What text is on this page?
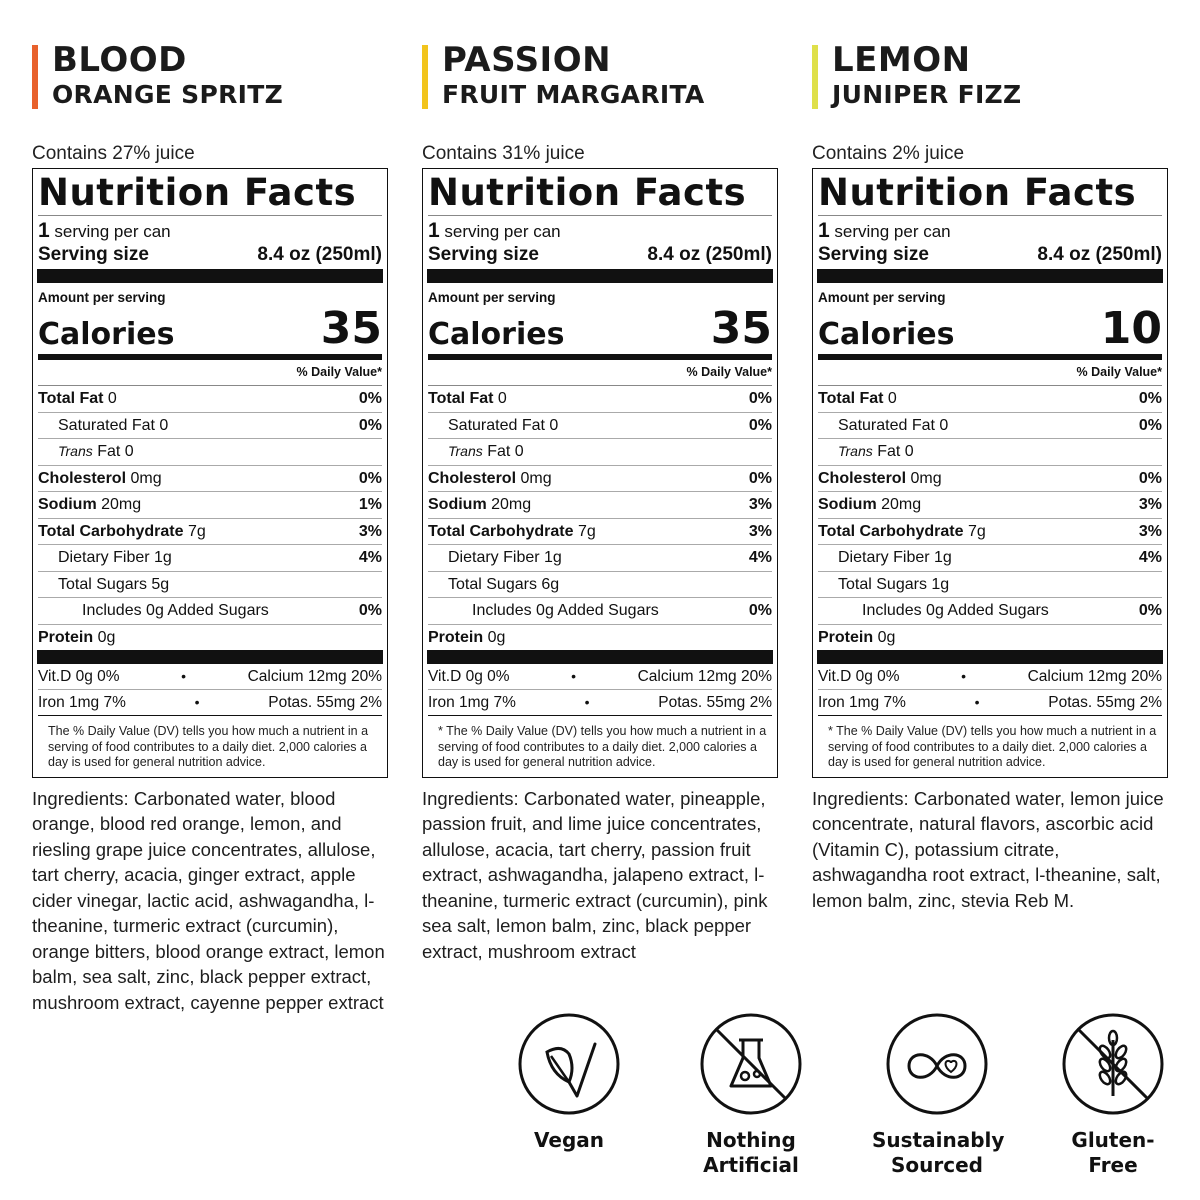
BLOOD
ORANGE SPRITZ
Contains 27% juice
Nutrition Facts
1 serving per can
Serving size	8.4 oz (250ml)
Amount per serving
Calories	35
% Daily Value*
Total Fat 0	0%
Saturated Fat 0	0%
Trans Fat 0
Cholesterol 0mg	0%
Sodium 20mg	1%
Total Carbohydrate 7g	3%
Dietary Fiber 1g	4%
Total Sugars 5g
Includes 0g Added Sugars	0%
Protein 0g
Vit.D 0g 0%	•	Calcium 12mg 20%
Iron 1mg 7%	•	Potas. 55mg 2%
The % Daily Value (DV) tells you how much a nutrient in a serving of food contributes to a daily diet. 2,000 calories a day is used for general nutrition advice.
Ingredients: Carbonated water, blood orange, blood red orange, lemon, and riesling grape juice concentrates, allulose, tart cherry, acacia, ginger extract, apple cider vinegar, lactic acid, ashwagandha, l-theanine, turmeric extract (curcumin), orange bitters, blood orange extract, lemon balm, sea salt, zinc, black pepper extract, mushroom extract, cayenne pepper extract
PASSION
FRUIT MARGARITA
Contains 31% juice
Nutrition Facts
1 serving per can
Serving size	8.4 oz (250ml)
Amount per serving
Calories	35
% Daily Value*
Total Fat 0	0%
Saturated Fat 0	0%
Trans Fat 0
Cholesterol 0mg	0%
Sodium 20mg	3%
Total Carbohydrate 7g	3%
Dietary Fiber 1g	4%
Total Sugars 6g
Includes 0g Added Sugars	0%
Protein 0g
Vit.D 0g 0%	•	Calcium 12mg 20%
Iron 1mg 7%	•	Potas. 55mg 2%
* The % Daily Value (DV) tells you how much a nutrient in a serving of food contributes to a daily diet. 2,000 calories a day is used for general nutrition advice.
Ingredients: Carbonated water, pineapple, passion fruit, and lime juice concentrates, allulose, acacia, tart cherry, passion fruit extract, ashwagandha, jalapeno extract, l-theanine, turmeric extract (curcumin), pink sea salt, lemon balm, zinc, black pepper extract, mushroom extract
LEMON
JUNIPER FIZZ
Contains 2% juice
Nutrition Facts
1 serving per can
Serving size	8.4 oz (250ml)
Amount per serving
Calories	10
% Daily Value*
Total Fat 0	0%
Saturated Fat 0	0%
Trans Fat 0
Cholesterol 0mg	0%
Sodium 20mg	3%
Total Carbohydrate 7g	3%
Dietary Fiber 1g	4%
Total Sugars 1g
Includes 0g Added Sugars	0%
Protein 0g
Vit.D 0g 0%	•	Calcium 12mg 20%
Iron 1mg 7%	•	Potas. 55mg 2%
* The % Daily Value (DV) tells you how much a nutrient in a serving of food contributes to a daily diet. 2,000 calories a day is used for general nutrition advice.
Ingredients: Carbonated water, lemon juice concentrate, natural flavors, ascorbic acid (Vitamin C), potassium citrate, ashwagandha root extract, l-theanine, salt, lemon balm, zinc, stevia Reb M.
Vegan	Nothing
Artificial
Sustainably
Sourced
Gluten-
Free
